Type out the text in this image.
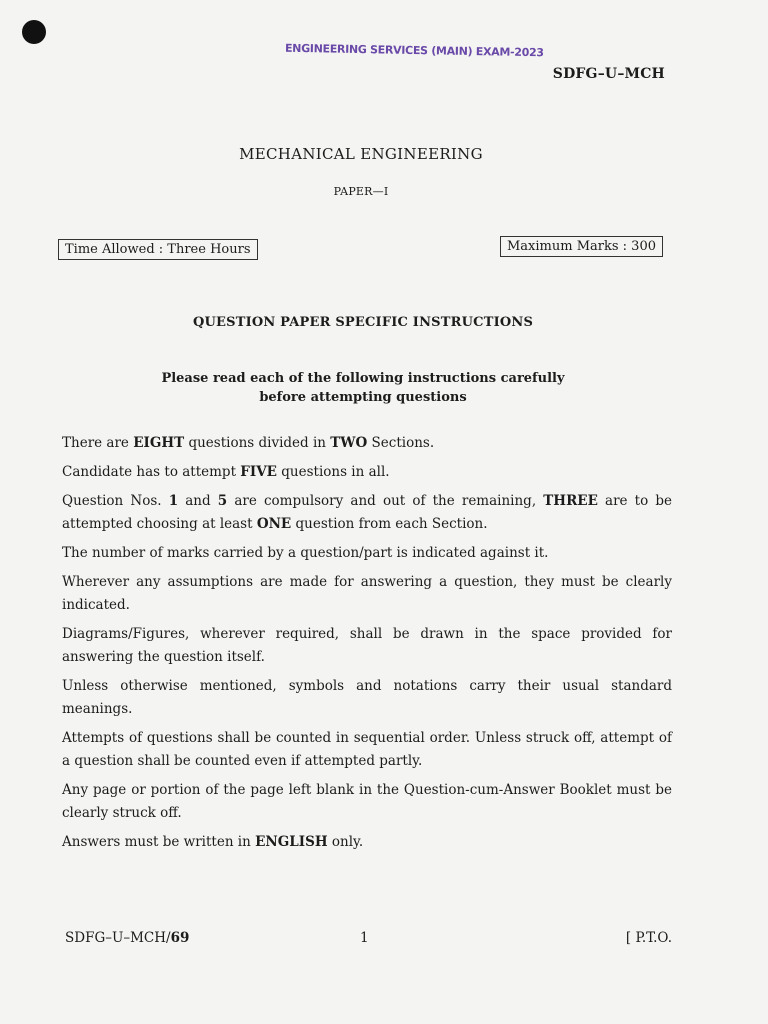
ENGINEERING SERVICES (MAIN) EXAM-2023
SDFG–U–MCH
MECHANICAL ENGINEERING
PAPER—I
Time Allowed : Three Hours	Maximum Marks : 300
QUESTION PAPER SPECIFIC INSTRUCTIONS
Please read each of the following instructions carefully
before attempting questions

There are EIGHT questions divided in TWO Sections.

Candidate has to attempt FIVE questions in all.

Question Nos. 1 and 5 are compulsory and out of the remaining, THREE are to be attempted choosing at least ONE question from each Section.

The number of marks carried by a question/part is indicated against it.

Wherever any assumptions are made for answering a question, they must be clearly indicated.

Diagrams/Figures, wherever required, shall be drawn in the space provided for answering the question itself.

Unless otherwise mentioned, symbols and notations carry their usual standard meanings.

Attempts of questions shall be counted in sequential order. Unless struck off, attempt of a question shall be counted even if attempted partly.

Any page or portion of the page left blank in the Question-cum-Answer Booklet must be clearly struck off.

Answers must be written in ENGLISH only.

SDFG–U–MCH/69	1	[ P.T.O.
